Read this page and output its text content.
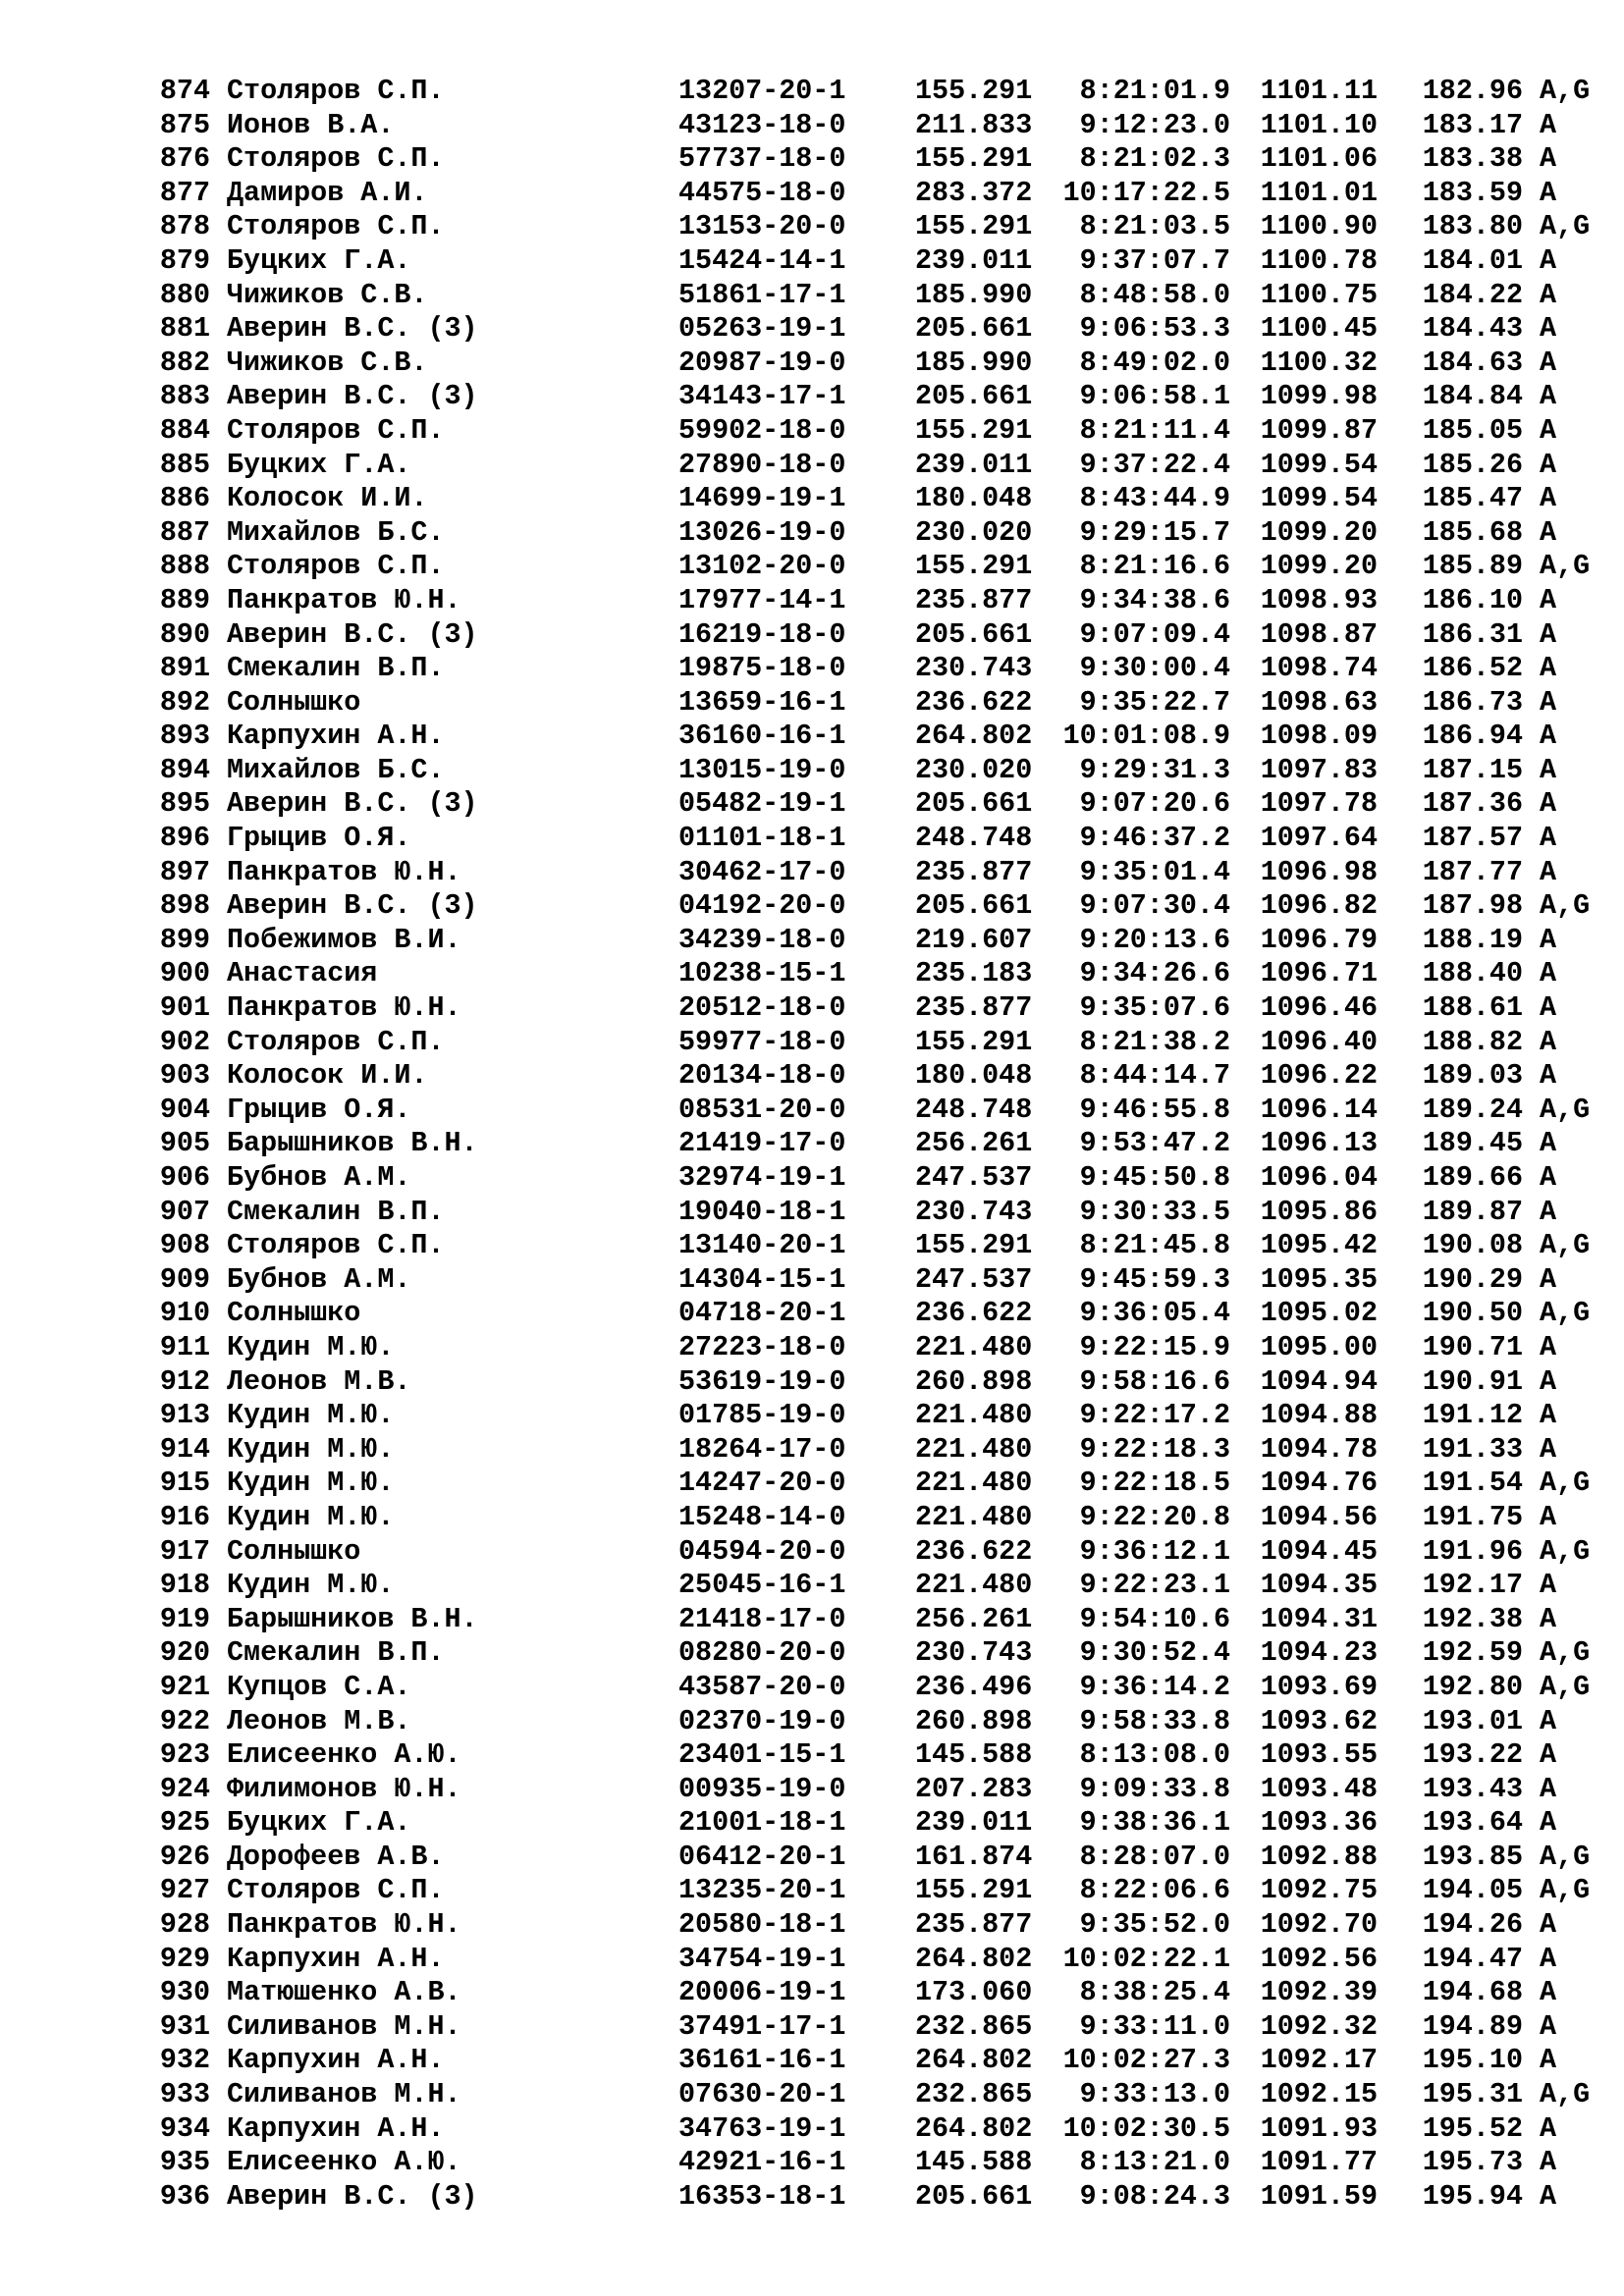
874	Столяров С.П.	13207-20-1	155.291	8:21:01.9	1101.11	182.96	A,G
875	Ионов В.А.	43123-18-0	211.833	9:12:23.0	1101.10	183.17	A
876	Столяров С.П.	57737-18-0	155.291	8:21:02.3	1101.06	183.38	A
877	Дамиров А.И.	44575-18-0	283.372	10:17:22.5	1101.01	183.59	A
878	Столяров С.П.	13153-20-0	155.291	8:21:03.5	1100.90	183.80	A,G
879	Буцких Г.А.	15424-14-1	239.011	9:37:07.7	1100.78	184.01	A
880	Чижиков С.В.	51861-17-1	185.990	8:48:58.0	1100.75	184.22	A
881	Аверин В.С. (3)	05263-19-1	205.661	9:06:53.3	1100.45	184.43	A
882	Чижиков С.В.	20987-19-0	185.990	8:49:02.0	1100.32	184.63	A
883	Аверин В.С. (3)	34143-17-1	205.661	9:06:58.1	1099.98	184.84	A
884	Столяров С.П.	59902-18-0	155.291	8:21:11.4	1099.87	185.05	A
885	Буцких Г.А.	27890-18-0	239.011	9:37:22.4	1099.54	185.26	A
886	Колосок И.И.	14699-19-1	180.048	8:43:44.9	1099.54	185.47	A
887	Михайлов Б.С.	13026-19-0	230.020	9:29:15.7	1099.20	185.68	A
888	Столяров С.П.	13102-20-0	155.291	8:21:16.6	1099.20	185.89	A,G
889	Панкратов Ю.Н.	17977-14-1	235.877	9:34:38.6	1098.93	186.10	A
890	Аверин В.С. (3)	16219-18-0	205.661	9:07:09.4	1098.87	186.31	A
891	Смекалин В.П.	19875-18-0	230.743	9:30:00.4	1098.74	186.52	A
892	Солнышко	13659-16-1	236.622	9:35:22.7	1098.63	186.73	A
893	Карпухин А.Н.	36160-16-1	264.802	10:01:08.9	1098.09	186.94	A
894	Михайлов Б.С.	13015-19-0	230.020	9:29:31.3	1097.83	187.15	A
895	Аверин В.С. (3)	05482-19-1	205.661	9:07:20.6	1097.78	187.36	A
896	Грыцив О.Я.	01101-18-1	248.748	9:46:37.2	1097.64	187.57	A
897	Панкратов Ю.Н.	30462-17-0	235.877	9:35:01.4	1096.98	187.77	A
898	Аверин В.С. (3)	04192-20-0	205.661	9:07:30.4	1096.82	187.98	A,G
899	Побежимов В.И.	34239-18-0	219.607	9:20:13.6	1096.79	188.19	A
900	Анастасия	10238-15-1	235.183	9:34:26.6	1096.71	188.40	A
901	Панкратов Ю.Н.	20512-18-0	235.877	9:35:07.6	1096.46	188.61	A
902	Столяров С.П.	59977-18-0	155.291	8:21:38.2	1096.40	188.82	A
903	Колосок И.И.	20134-18-0	180.048	8:44:14.7	1096.22	189.03	A
904	Грыцив О.Я.	08531-20-0	248.748	9:46:55.8	1096.14	189.24	A,G
905	Барышников В.Н.	21419-17-0	256.261	9:53:47.2	1096.13	189.45	A
906	Бубнов А.М.	32974-19-1	247.537	9:45:50.8	1096.04	189.66	A
907	Смекалин В.П.	19040-18-1	230.743	9:30:33.5	1095.86	189.87	A
908	Столяров С.П.	13140-20-1	155.291	8:21:45.8	1095.42	190.08	A,G
909	Бубнов А.М.	14304-15-1	247.537	9:45:59.3	1095.35	190.29	A
910	Солнышко	04718-20-1	236.622	9:36:05.4	1095.02	190.50	A,G
911	Кудин М.Ю.	27223-18-0	221.480	9:22:15.9	1095.00	190.71	A
912	Леонов М.В.	53619-19-0	260.898	9:58:16.6	1094.94	190.91	A
913	Кудин М.Ю.	01785-19-0	221.480	9:22:17.2	1094.88	191.12	A
914	Кудин М.Ю.	18264-17-0	221.480	9:22:18.3	1094.78	191.33	A
915	Кудин М.Ю.	14247-20-0	221.480	9:22:18.5	1094.76	191.54	A,G
916	Кудин М.Ю.	15248-14-0	221.480	9:22:20.8	1094.56	191.75	A
917	Солнышко	04594-20-0	236.622	9:36:12.1	1094.45	191.96	A,G
918	Кудин М.Ю.	25045-16-1	221.480	9:22:23.1	1094.35	192.17	A
919	Барышников В.Н.	21418-17-0	256.261	9:54:10.6	1094.31	192.38	A
920	Смекалин В.П.	08280-20-0	230.743	9:30:52.4	1094.23	192.59	A,G
921	Купцов С.А.	43587-20-0	236.496	9:36:14.2	1093.69	192.80	A,G
922	Леонов М.В.	02370-19-0	260.898	9:58:33.8	1093.62	193.01	A
923	Елисеенко А.Ю.	23401-15-1	145.588	8:13:08.0	1093.55	193.22	A
924	Филимонов Ю.Н.	00935-19-0	207.283	9:09:33.8	1093.48	193.43	A
925	Буцких Г.А.	21001-18-1	239.011	9:38:36.1	1093.36	193.64	A
926	Дорофеев А.В.	06412-20-1	161.874	8:28:07.0	1092.88	193.85	A,G
927	Столяров С.П.	13235-20-1	155.291	8:22:06.6	1092.75	194.05	A,G
928	Панкратов Ю.Н.	20580-18-1	235.877	9:35:52.0	1092.70	194.26	A
929	Карпухин А.Н.	34754-19-1	264.802	10:02:22.1	1092.56	194.47	A
930	Матюшенко А.В.	20006-19-1	173.060	8:38:25.4	1092.39	194.68	A
931	Силиванов М.Н.	37491-17-1	232.865	9:33:11.0	1092.32	194.89	A
932	Карпухин А.Н.	36161-16-1	264.802	10:02:27.3	1092.17	195.10	A
933	Силиванов М.Н.	07630-20-1	232.865	9:33:13.0	1092.15	195.31	A,G
934	Карпухин А.Н.	34763-19-1	264.802	10:02:30.5	1091.93	195.52	A
935	Елисеенко А.Ю.	42921-16-1	145.588	8:13:21.0	1091.77	195.73	A
936	Аверин В.С. (3)	16353-18-1	205.661	9:08:24.3	1091.59	195.94	A
